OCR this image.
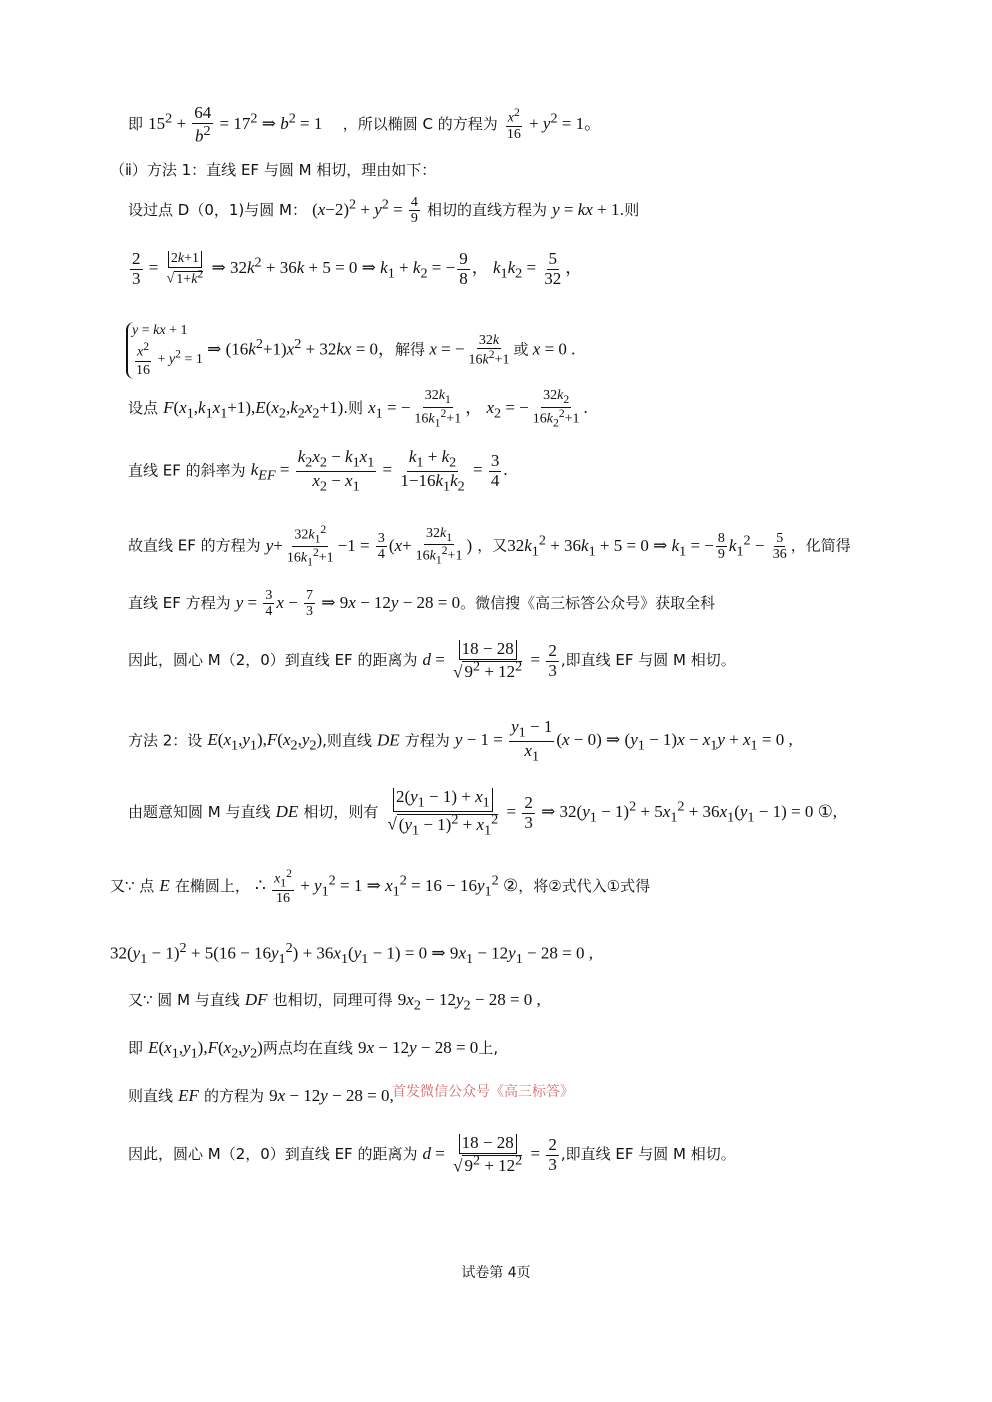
即 $15^2 + \frac{64}{b^2} = 17^2$ ⇒ $b^2 = 1$ ，所以椭圆 C 的方程为 $\frac{x^2}{16} + y^2 = 1$。
（ⅱ）方法 1：直线 EF 与圆 M 相切，理由如下：
设过点 D（0，1)与圆 M： $(x-2)^2 + y^2 = \frac{4}{9}$ 相切的直线方程为 y = kx + 1.则
$\frac{2}{3} = \frac{2k+1}{√ 1+k^2}$ ⇒ $32k^2 + 36k + 5 = 0$ ⇒ $k_1 + k_2$ = − $\frac{9}{8}$ ， $k_1k_2 = \frac{5}{32}$ ，
y = kx + 1
$\frac{x^2}{16} + y^2 = 1$
⇒ $(16k^2+1)x^2 + 32kx = 0$，解得 x = − $\frac{32k}{16k^2+1}$ 或 x = 0 .
设点 $F(x_1,k_1x_1+1),E(x_2,k_2x_2+1)$.则 $x_1$ = − $\frac{32k_1}{16k_1^2+1}$ ， $x_2$ = − $\frac{32k_2}{16k_2^2+1}$ .
直线 EF 的斜率为 $k_{EF} = \frac{k_2x_2 - k_1x_1}{x_2 - x_1} = \frac{k_1 + k_2}{1-16k_1k_2} = \frac{3}{4}$ .
故直线 EF 的方程为 $y+ \frac{32k_1^2}{16k_1^2+1} -1 = \frac{3}{4} (x+ \frac{32k_1}{16k_1^2+1}$ ) ，又$32k_1^2 + 36k_1 + 5 = 0$ ⇒ $k_1$ = − $\frac{8}{9} k_1^2 - \frac{5}{36}$ ，化简得
直线 EF 方程为 $y = \frac{3}{4}$ $x - \frac{7}{3}$ ⇒ 9x − 12y − 28 = 0。微信搜《高三标答公众号》获取全科
因此，圆心 M（2，0）到直线 EF 的距离为 $d = \frac{18 - 28}{√ 9^2 + 12^2} = \frac{2}{3}$ ,即直线 EF 与圆 M 相切。
方法 2：设 $E(x_1,y_1),F(x_2,y_2)$,则直线 DE 方程为 $y - 1 = \frac{y_1 - 1}{x_1} (x - 0)$ ⇒ $(y_1 - 1)x - x_1y + x_1 = 0$ ,
由题意知圆 M 与直线 DE 相切，则有 $\frac{2(y_1 - 1) + x_1}{√ (y_1 - 1)^2 + x_1^2} = \frac{2}{3}$ ⇒ $32(y_1 - 1)^2 + 5x_1^2 + 36x_1(y_1 - 1) = 0$ ①,
又∵ 点 E 在椭圆上， ∴ $\frac{x_1^2}{16} + y_1^2 = 1$ ⇒ $x_1^2 = 16 - 16y_1^2$ ②，将②式代入①式得
$32(y_1 - 1)^2 + 5(16 - 16y_1^2) + 36x_1(y_1 - 1) = 0$ ⇒ $9x_1 - 12y_1 - 28 = 0$ ,
又∵ 圆 M 与直线 DF 也相切，同理可得 $9x_2 - 12y_2 - 28 = 0$ ,
即 $E(x_1,y_1),F(x_2,y_2)$两点均在直线 9x − 12y − 28 = 0上,
则直线 EF 的方程为 9x − 12y − 28 = 0,
首发微信公众号《高三标答》
因此，圆心 M（2，0）到直线 EF 的距离为 $d = \frac{18 - 28}{√ 9^2 + 12^2} = \frac{2}{3}$ ,即直线 EF 与圆 M 相切。
试卷第 4页
